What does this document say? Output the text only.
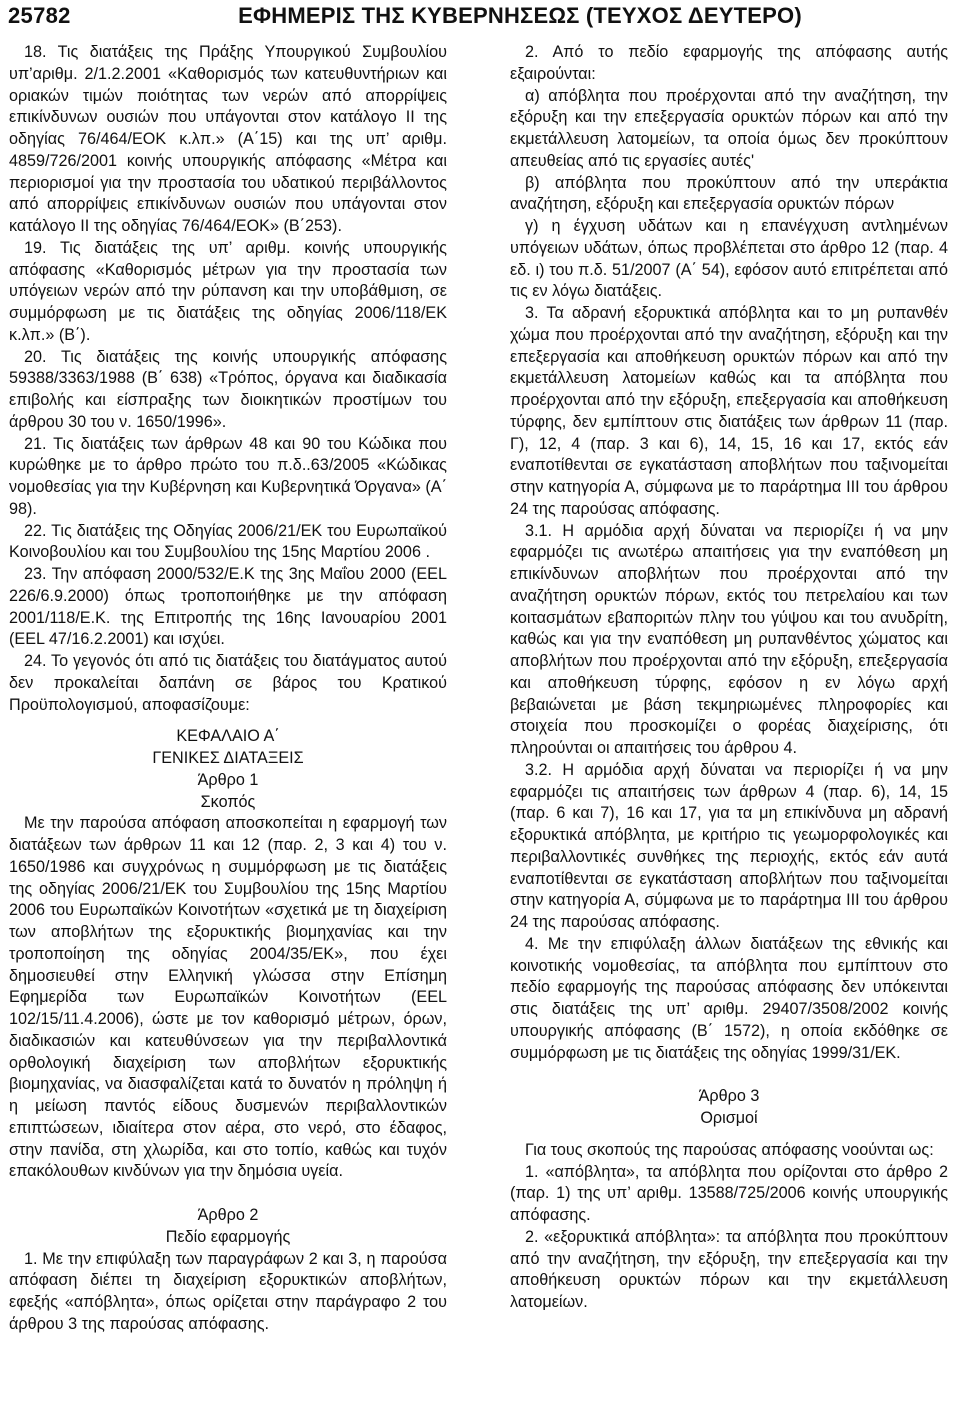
25782	ΕΦΗΜΕΡΙΣ ΤΗΣ ΚΥΒΕΡΝΗΣΕΩΣ (ΤΕΥΧΟΣ ΔΕΥΤΕΡΟ)

18. Τις διατάξεις της Πράξης Υπουργικού Συμβουλίου υπ’αριθμ. 2/1.2.2001 «Καθορισμός των κατευθυντήριων και οριακών τιμών ποιότητας των νερών από απορρίψεις επικίνδυνων ουσιών που υπάγονται στον κατάλογο ΙΙ της οδηγίας 76/464/ΕΟΚ κ.λπ.» (Α΄15) και της υπ’ αριθμ. 4859/726/2001 κοινής υπουργικής απόφασης «Μέτρα και περιορισμοί για την προστασία του υδατικού περιβάλλοντος από απορρίψεις επικίνδυνων ουσιών που υπάγονται στον κατάλογο ΙΙ της οδηγίας 76/464/ΕΟΚ» (Β΄253).

19. Τις διατάξεις της υπ’ αριθμ. κοινής υπουργικής απόφασης «Καθορισμός μέτρων για την προστασία των υπόγειων νερών από την ρύπανση και την υποβάθμιση, σε συμμόρφωση με τις διατάξεις της οδηγίας 2006/118/ΕΚ κ.λπ.» (Β΄).

20. Τις διατάξεις της κοινής υπουργικής απόφασης 59388/3363/1988 (Β΄ 638) «Τρόπος, όργανα και διαδικασία επιβολής και είσπραξης των διοικητικών προστίμων του άρθρου 30 του ν. 1650/1996».

21. Τις διατάξεις των άρθρων 48 και 90 του Κώδικα που κυρώθηκε με το άρθρο πρώτο του π.δ..63/2005 «Κώδικας νομοθεσίας για την Κυβέρνηση και Κυβερνητικά Όργανα» (Α΄ 98).

22. Τις διατάξεις της Οδηγίας 2006/21/ΕΚ του Ευρωπαϊκού Κοινοβουλίου και του Συμβουλίου της 15ης Μαρτίου 2006 .

23. Την απόφαση 2000/532/Ε.Κ της 3ης Μαΐου 2000 (EEL 226/6.9.2000) όπως τροποποιήθηκε με την απόφαση 2001/118/Ε.Κ. της Επιτροπής της 16ης Ιανουαρίου 2001 (EEL 47/16.2.2001) και ισχύει.

24. Το γεγονός ότι από τις διατάξεις του διατάγματος αυτού δεν προκαλείται δαπάνη σε βάρος του Κρατικού Προϋπολογισμού, αποφασίζουμε:

ΚΕΦΑΛΑΙΟ Α΄

ΓΕΝΙΚΕΣ ΔΙΑΤΑΞΕΙΣ

Άρθρο 1

Σκοπός

Με την παρούσα απόφαση αποσκοπείται η εφαρμογή των διατάξεων των άρθρων 11 και 12 (παρ. 2, 3 και 4) του ν. 1650/1986 και συγχρόνως η συμμόρφωση με τις διατάξεις της οδηγίας 2006/21/ΕΚ του Συμβουλίου της 15ης Μαρτίου 2006 του Ευρωπαϊκών Κοινοτήτων «σχετικά με τη διαχείριση των αποβλήτων της εξορυκτικής βιομηχανίας και την τροποποίηση της οδηγίας 2004/35/ΕΚ», που έχει δημοσιευθεί στην Ελληνική γλώσσα στην Επίσημη Εφημερίδα των Ευρωπαϊκών Κοινοτήτων (EEL 102/15/11.4.2006), ώστε με τον καθορισμό μέτρων, όρων, διαδικασιών και κατευθύνσεων για την περιβαλλοντικά ορθολογική διαχείριση των αποβλήτων εξορυκτικής βιομηχανίας, να διασφαλίζεται κατά το δυνατόν η πρόληψη ή η μείωση παντός είδους δυσμενών περιβαλλοντικών επιπτώσεων, ιδιαίτερα στον αέρα, στο νερό, στο έδαφος, στην πανίδα, στη χλωρίδα, και στο τοπίο, καθώς και τυχόν επακόλουθων κινδύνων για την δημόσια υγεία.

Άρθρο 2

Πεδίο εφαρμογής

1. Με την επιφύλαξη των παραγράφων 2 και 3, η παρούσα απόφαση διέπει τη διαχείριση εξορυκτικών αποβλήτων, εφεξής «απόβλητα», όπως ορίζεται στην παράγραφο 2 του άρθρου 3 της παρούσας απόφασης.

2. Από το πεδίο εφαρμογής της απόφασης αυτής εξαιρούνται:

α) απόβλητα που προέρχονται από την αναζήτηση, την εξόρυξη και την επεξεργασία ορυκτών πόρων και από την εκμετάλλευση λατομείων, τα οποία όμως δεν προκύπτουν απευθείας από τις εργασίες αυτές'

β) απόβλητα που προκύπτουν από την υπεράκτια αναζήτηση, εξόρυξη και επεξεργασία ορυκτών πόρων

γ) η έγχυση υδάτων και η επανέγχυση αντλημένων υπόγειων υδάτων, όπως προβλέπεται στο άρθρο 12 (παρ. 4 εδ. ι) του π.δ. 51/2007 (Α΄ 54), εφόσον αυτό επιτρέπεται από τις εν λόγω διατάξεις.

3. Τα αδρανή εξορυκτικά απόβλητα και το μη ρυπανθέν χώμα που προέρχονται από την αναζήτηση, εξόρυξη και την επεξεργασία και αποθήκευση ορυκτών πόρων και από την εκμετάλλευση λατομείων καθώς και τα απόβλητα που προέρχονται από την εξόρυξη, επεξεργασία και αποθήκευση τύρφης, δεν εμπίπτουν στις διατάξεις των άρθρων 11 (παρ. Γ), 12, 4 (παρ. 3 και 6), 14, 15, 16 και 17, εκτός εάν εναποτίθενται σε εγκατάσταση αποβλήτων που ταξινομείται στην κατηγορία Α, σύμφωνα με το παράρτημα ΙΙΙ του άρθρου 24 της παρούσας απόφασης.

3.1. Η αρμόδια αρχή δύναται να περιορίζει ή να μην εφαρμόζει τις ανωτέρω απαιτήσεις για την εναπόθεση μη επικίνδυνων αποβλήτων που προέρχονται από την αναζήτηση ορυκτών πόρων, εκτός του πετρελαίου και των κοιτασμάτων εβαποριτών πλην του γύψου και του ανυδρίτη, καθώς και για την εναπόθεση μη ρυπανθέντος χώματος και αποβλήτων που προέρχονται από την εξόρυξη, επεξεργασία και αποθήκευση τύρφης, εφόσον η εν λόγω αρχή βεβαιώνεται με βάση τεκμηριωμένες πληροφορίες και στοιχεία που προσκομίζει ο φορέας διαχείρισης, ότι πληρούνται οι απαιτήσεις του άρθρου 4.

3.2. Η αρμόδια αρχή δύναται να περιορίζει ή να μην εφαρμόζει τις απαιτήσεις των άρθρων 4 (παρ. 6), 14, 15 (παρ. 6 και 7), 16 και 17, για τα μη επικίνδυνα μη αδρανή εξορυκτικά απόβλητα, με κριτήριο τις γεωμορφολογικές και περιβαλλοντικές συνθήκες της περιοχής, εκτός εάν αυτά εναποτίθενται σε εγκατάσταση αποβλήτων που ταξινομείται στην κατηγορία Α, σύμφωνα με το παράρτημα ΙΙΙ του άρθρου 24 της παρούσας απόφασης.

4. Με την επιφύλαξη άλλων διατάξεων της εθνικής και κοινοτικής νομοθεσίας, τα απόβλητα που εμπίπτουν στο πεδίο εφαρμογής της παρούσας απόφασης δεν υπόκεινται στις διατάξεις της υπ’ αριθμ. 29407/3508/2002 κοινής υπουργικής απόφασης (Β΄ 1572), η οποία εκδόθηκε σε συμμόρφωση με τις διατάξεις της οδηγίας 1999/31/ΕΚ.

Άρθρο 3

Ορισμοί

Για τους σκοπούς της παρούσας απόφασης νοούνται ως:

1. «απόβλητα», τα απόβλητα που ορίζονται στο άρθρο 2 (παρ. 1) της υπ’ αριθμ. 13588/725/2006 κοινής υπουργικής απόφασης.

2. «εξορυκτικά απόβλητα»: τα απόβλητα που προκύπτουν από την αναζήτηση, την εξόρυξη, την επεξεργασία και την αποθήκευση ορυκτών πόρων και την εκμετάλλευση λατομείων.
